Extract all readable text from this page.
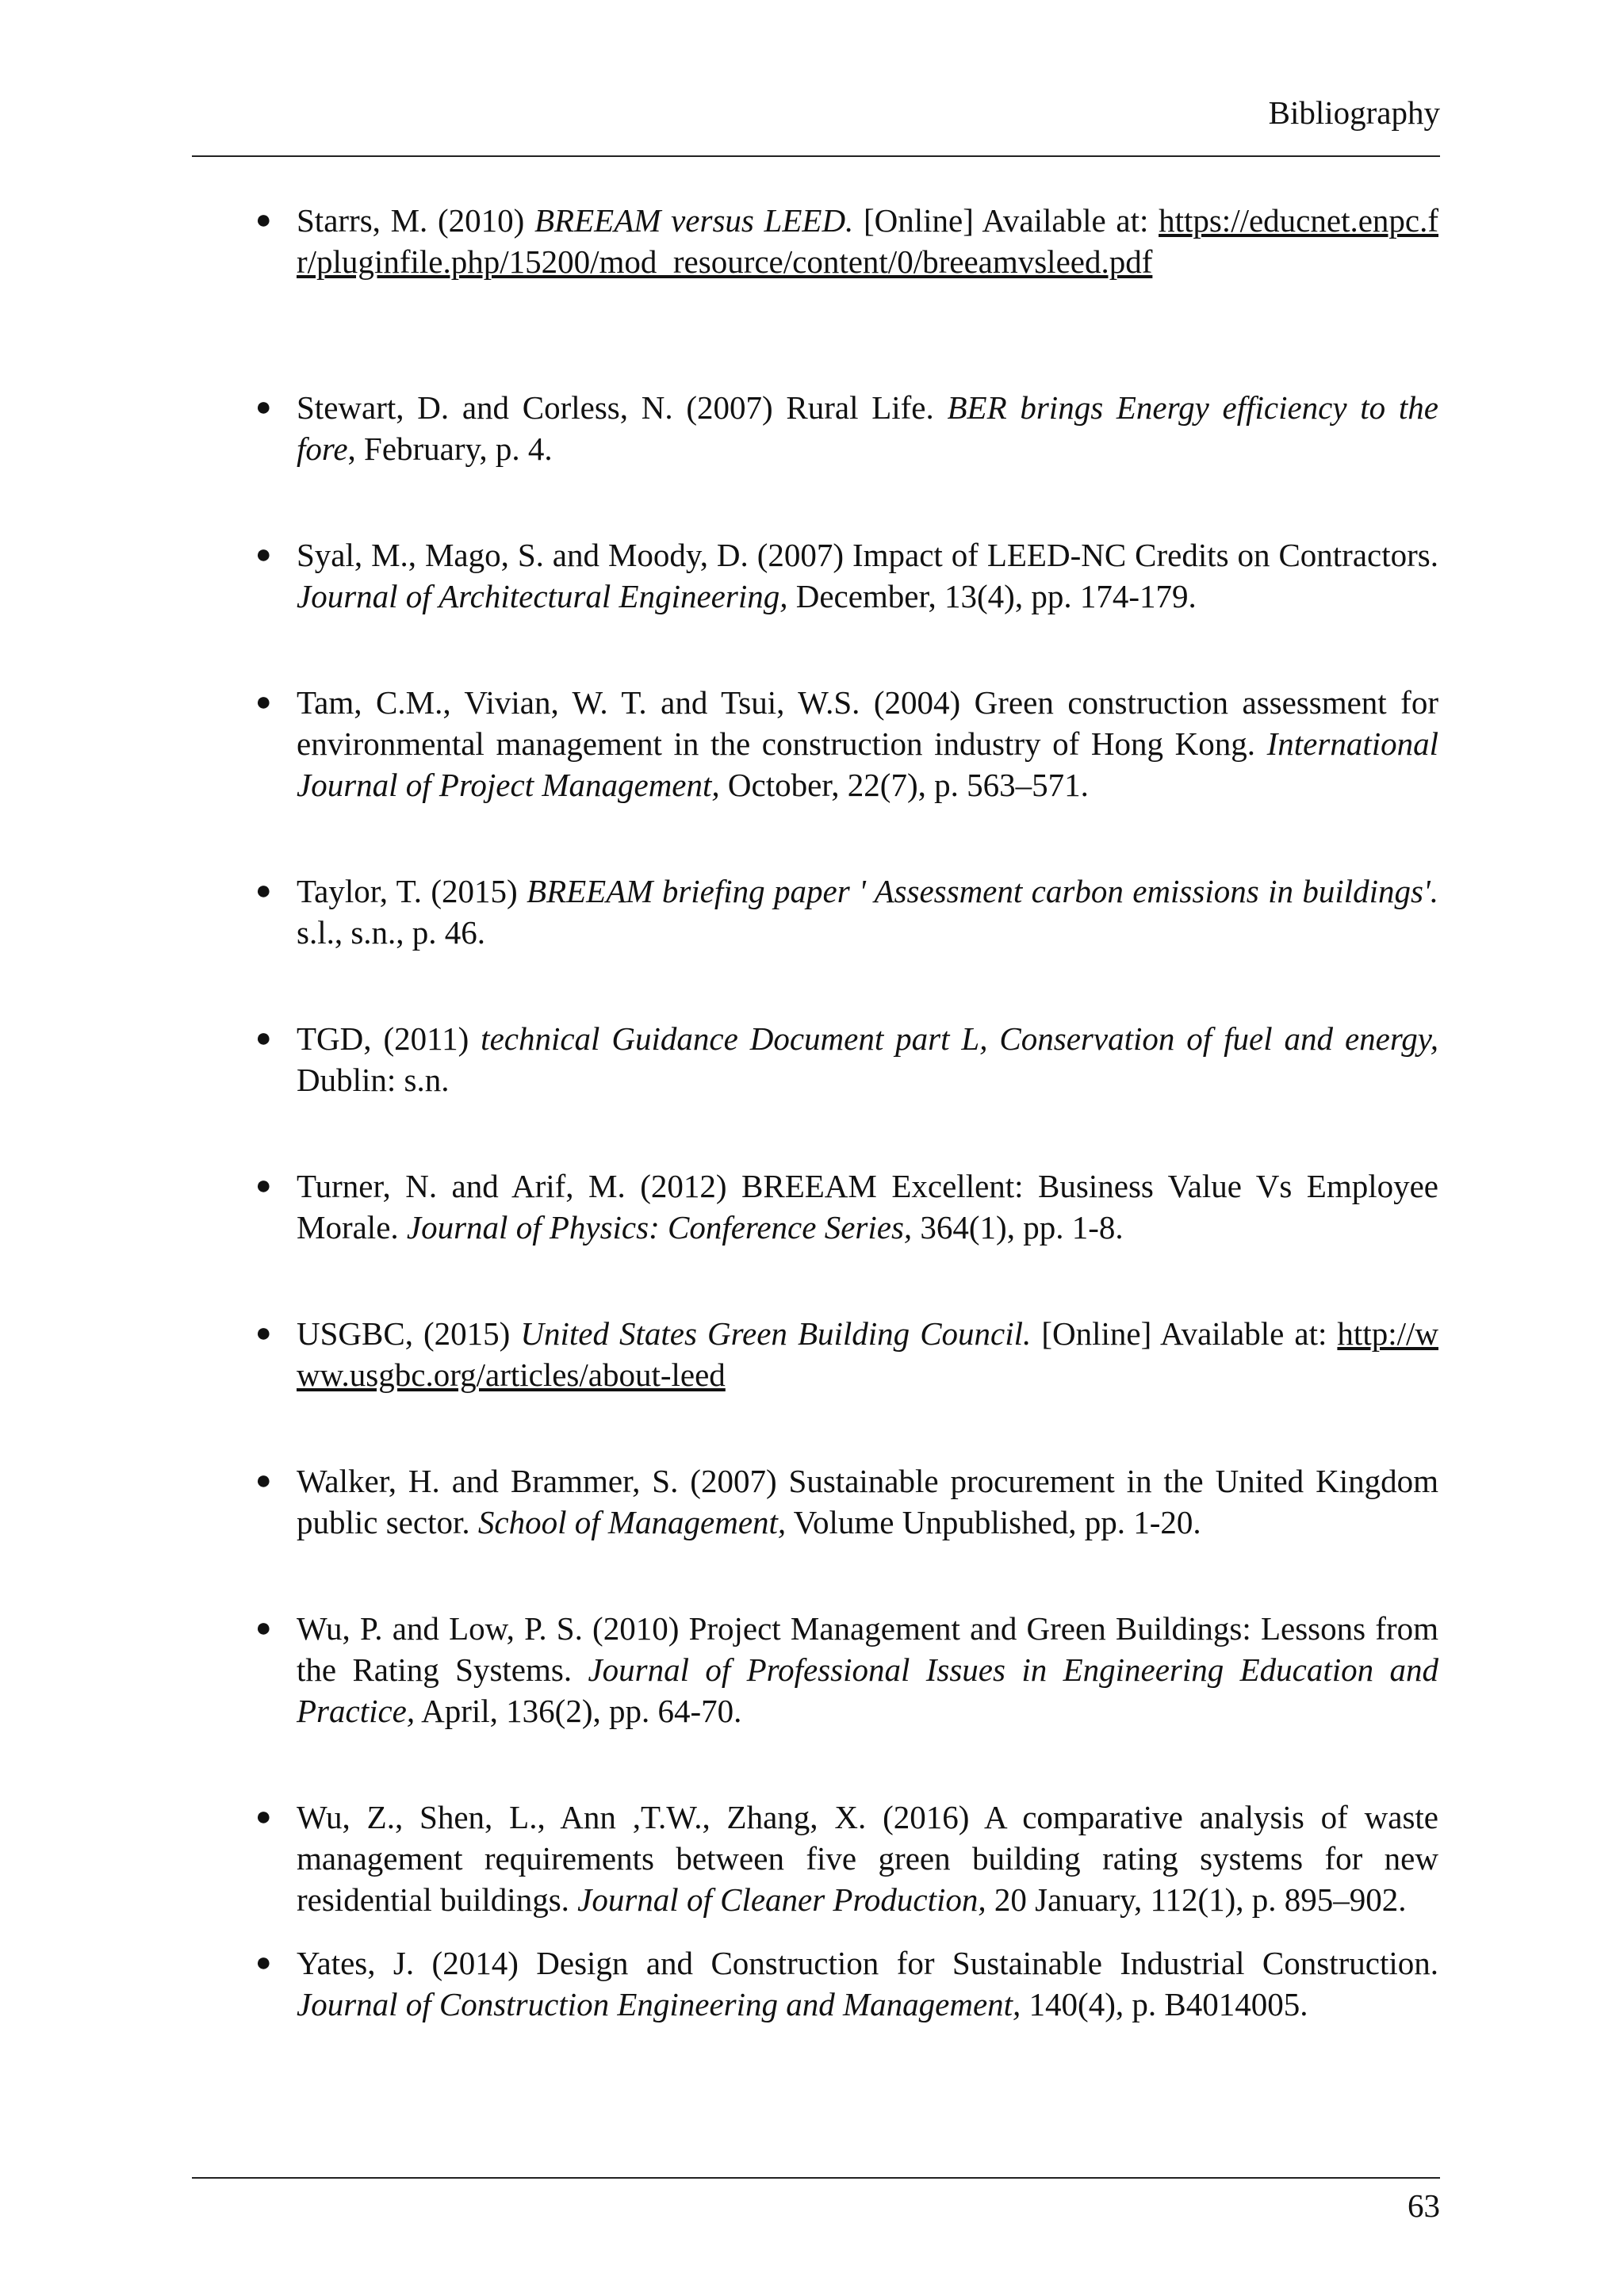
Bibliography
● Starrs, M. (2010) BREEAM versus LEED. [Online] Available at: https://educnet.enpc.fr/pluginfile.php/15200/mod_resource/content/0/breeamvsleed.pdf
● Stewart, D. and Corless, N. (2007) Rural Life. BER brings Energy efficiency to the fore, February, p. 4.
● Syal, M., Mago, S. and Moody, D. (2007) Impact of LEED-NC Credits on Contractors. Journal of Architectural Engineering, December, 13(4), pp. 174-179.
● Tam, C.M., Vivian, W. T. and Tsui, W.S. (2004) Green construction assessment for environmental management in the construction industry of Hong Kong. International Journal of Project Management, October, 22(7), p. 563–571.
● Taylor, T. (2015) BREEAM briefing paper ' Assessment carbon emissions in buildings'. s.l., s.n., p. 46.
● TGD, (2011) technical Guidance Document part L, Conservation of fuel and energy, Dublin: s.n.
● Turner, N. and Arif, M. (2012) BREEAM Excellent: Business Value Vs Employee Morale. Journal of Physics: Conference Series, 364(1), pp. 1-8.
● USGBC, (2015) United States Green Building Council. [Online] Available at: http://www.usgbc.org/articles/about-leed
● Walker, H. and Brammer, S. (2007) Sustainable procurement in the United Kingdom public sector. School of Management, Volume Unpublished, pp. 1-20.
● Wu, P. and Low, P. S. (2010) Project Management and Green Buildings: Lessons from the Rating Systems. Journal of Professional Issues in Engineering Education and Practice, April, 136(2), pp. 64-70.
● Wu, Z., Shen, L., Ann ,T.W., Zhang, X. (2016) A comparative analysis of waste management requirements between five green building rating systems for new residential buildings. Journal of Cleaner Production, 20 January, 112(1), p. 895–902.
● Yates, J. (2014) Design and Construction for Sustainable Industrial Construction. Journal of Construction Engineering and Management, 140(4), p. B4014005.
63
